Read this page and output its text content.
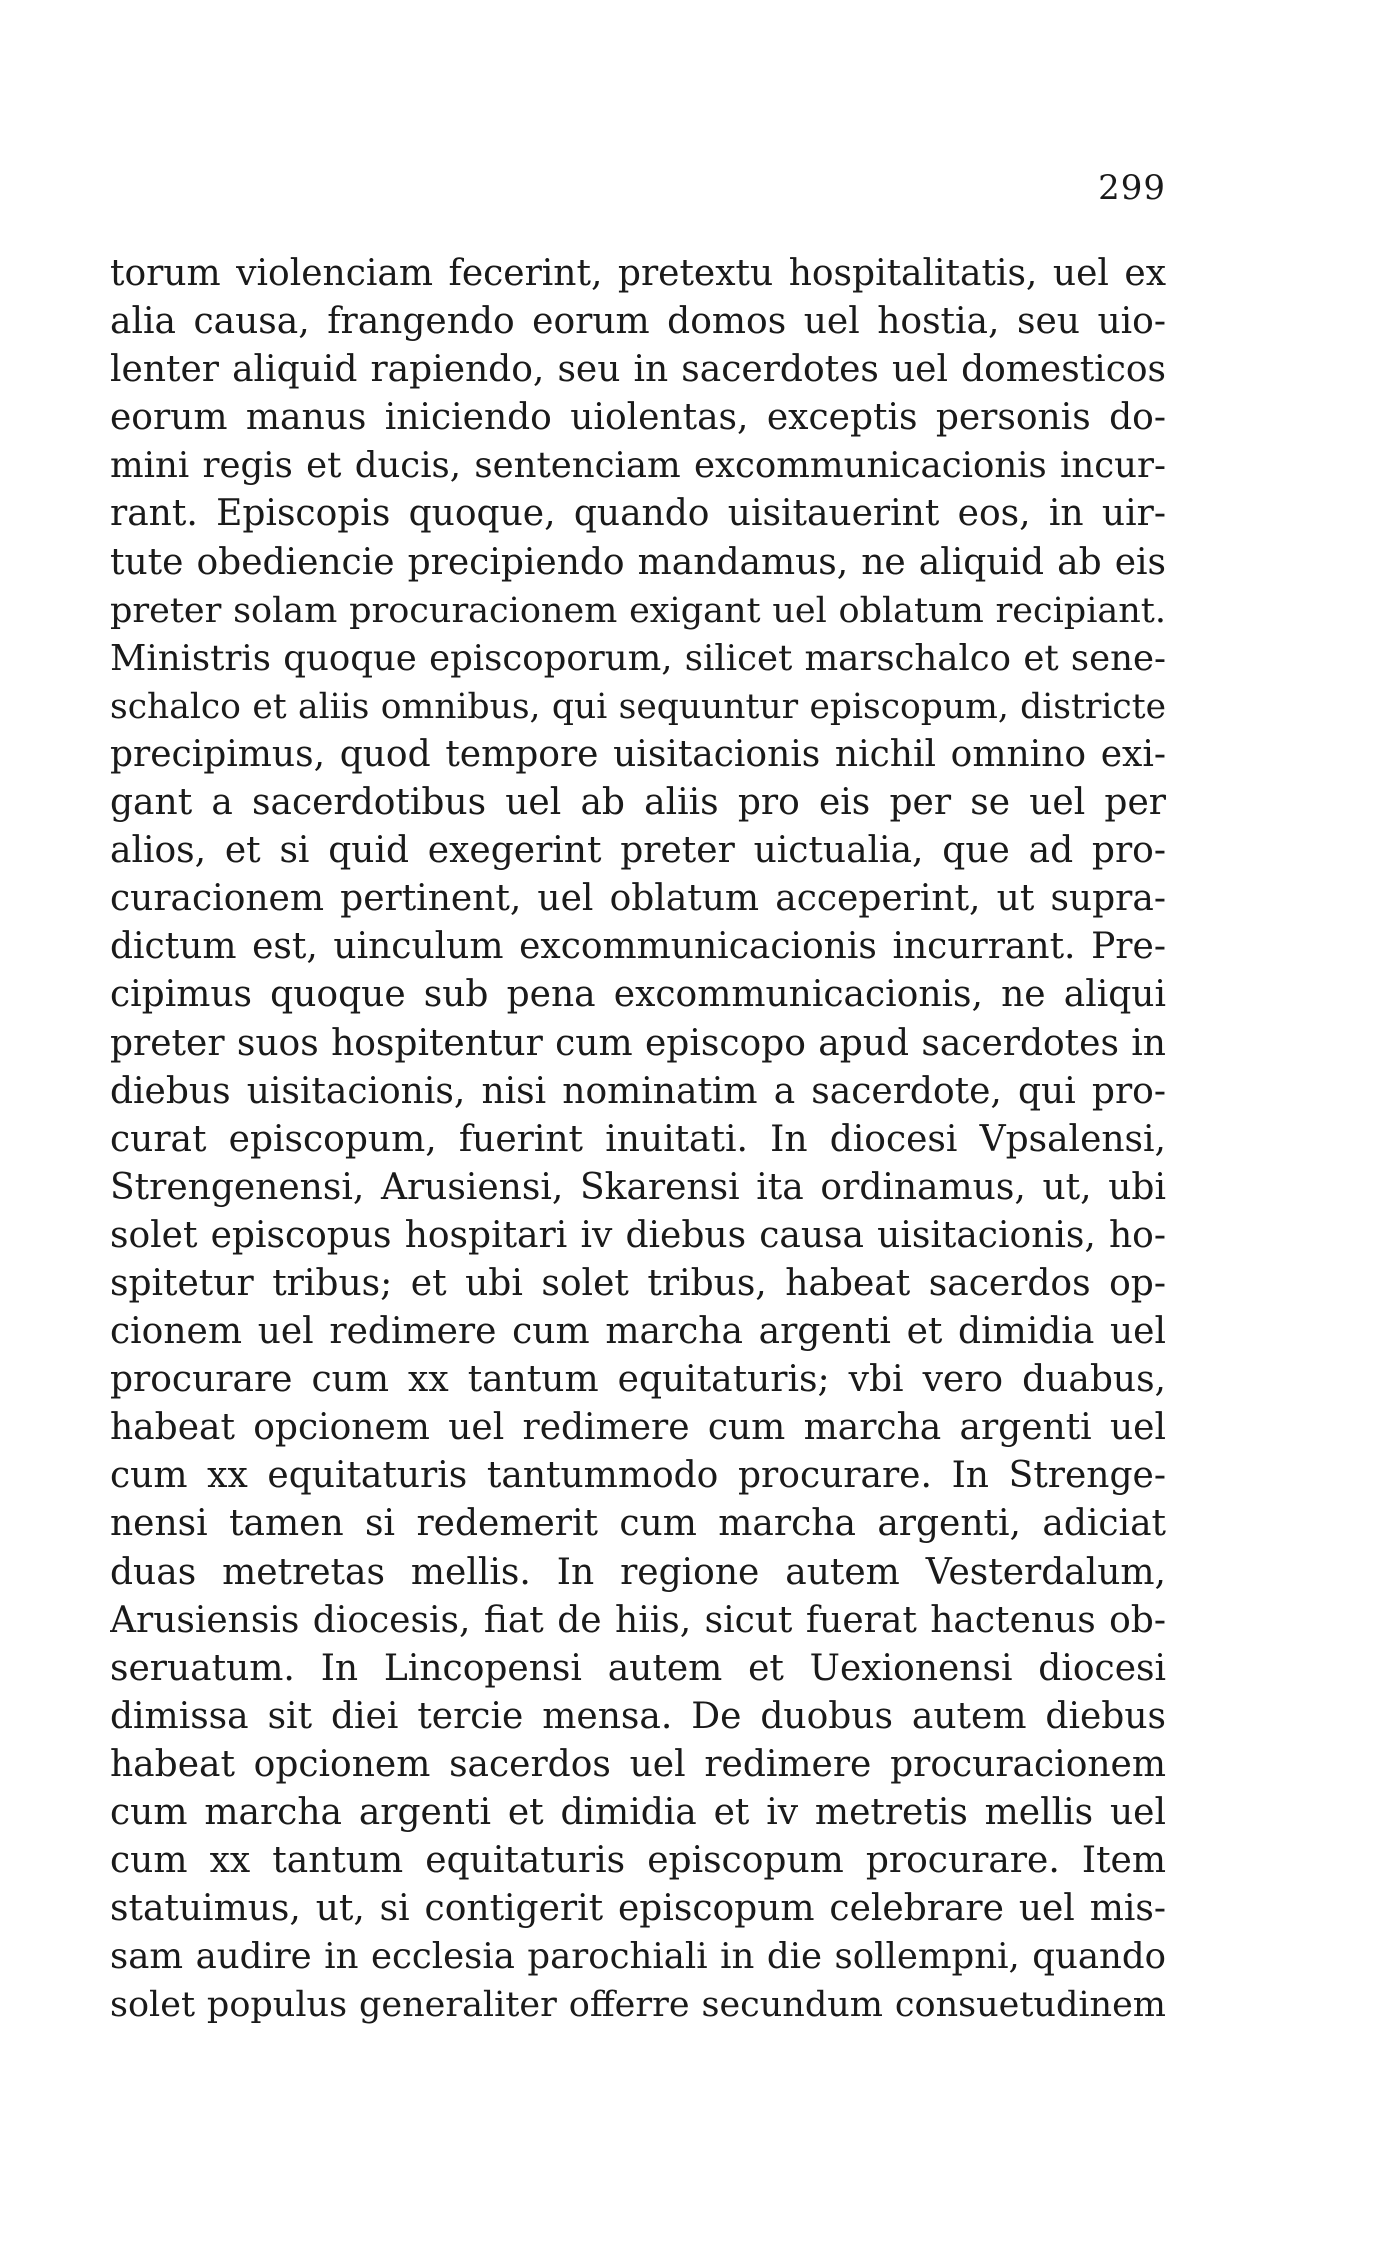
299
torum violenciam fecerint, pretextu hospitalitatis, uel ex
alia causa, frangendo eorum domos uel hostia, seu uio-
lenter aliquid rapiendo, seu in sacerdotes uel domesticos
eorum manus iniciendo uiolentas, exceptis personis do-
mini regis et ducis, sentenciam excommunicacionis incur-
rant. Episcopis quoque, quando uisitauerint eos, in uir-
tute obediencie precipiendo mandamus, ne aliquid ab eis
preter solam procuracionem exigant uel oblatum recipiant.
Ministris quoque episcoporum, silicet marschalco et sene-
schalco et aliis omnibus, qui sequuntur episcopum, districte
precipimus, quod tempore uisitacionis nichil omnino exi-
gant a sacerdotibus uel ab aliis pro eis per se uel per
alios, et si quid exegerint preter uictualia, que ad pro-
curacionem pertinent, uel oblatum acceperint, ut supra-
dictum est, uinculum excommunicacionis incurrant. Pre-
cipimus quoque sub pena excommunicacionis, ne aliqui
preter suos hospitentur cum episcopo apud sacerdotes in
diebus uisitacionis, nisi nominatim a sacerdote, qui pro-
curat episcopum, fuerint inuitati. In diocesi Vpsalensi,
Strengenensi, Arusiensi, Skarensi ita ordinamus, ut, ubi
solet episcopus hospitari iv diebus causa uisitacionis, ho-
spitetur tribus; et ubi solet tribus, habeat sacerdos op-
cionem uel redimere cum marcha argenti et dimidia uel
procurare cum xx tantum equitaturis; vbi vero duabus,
habeat opcionem uel redimere cum marcha argenti uel
cum xx equitaturis tantummodo procurare. In Strenge-
nensi tamen si redemerit cum marcha argenti, adiciat
duas metretas mellis. In regione autem Vesterdalum,
Arusiensis diocesis, fiat de hiis, sicut fuerat hactenus ob-
seruatum. In Lincopensi autem et Uexionensi diocesi
dimissa sit diei tercie mensa. De duobus autem diebus
habeat opcionem sacerdos uel redimere procuracionem
cum marcha argenti et dimidia et iv metretis mellis uel
cum xx tantum equitaturis episcopum procurare. Item
statuimus, ut, si contigerit episcopum celebrare uel mis-
sam audire in ecclesia parochiali in die sollempni, quando
solet populus generaliter offerre secundum consuetudinem
